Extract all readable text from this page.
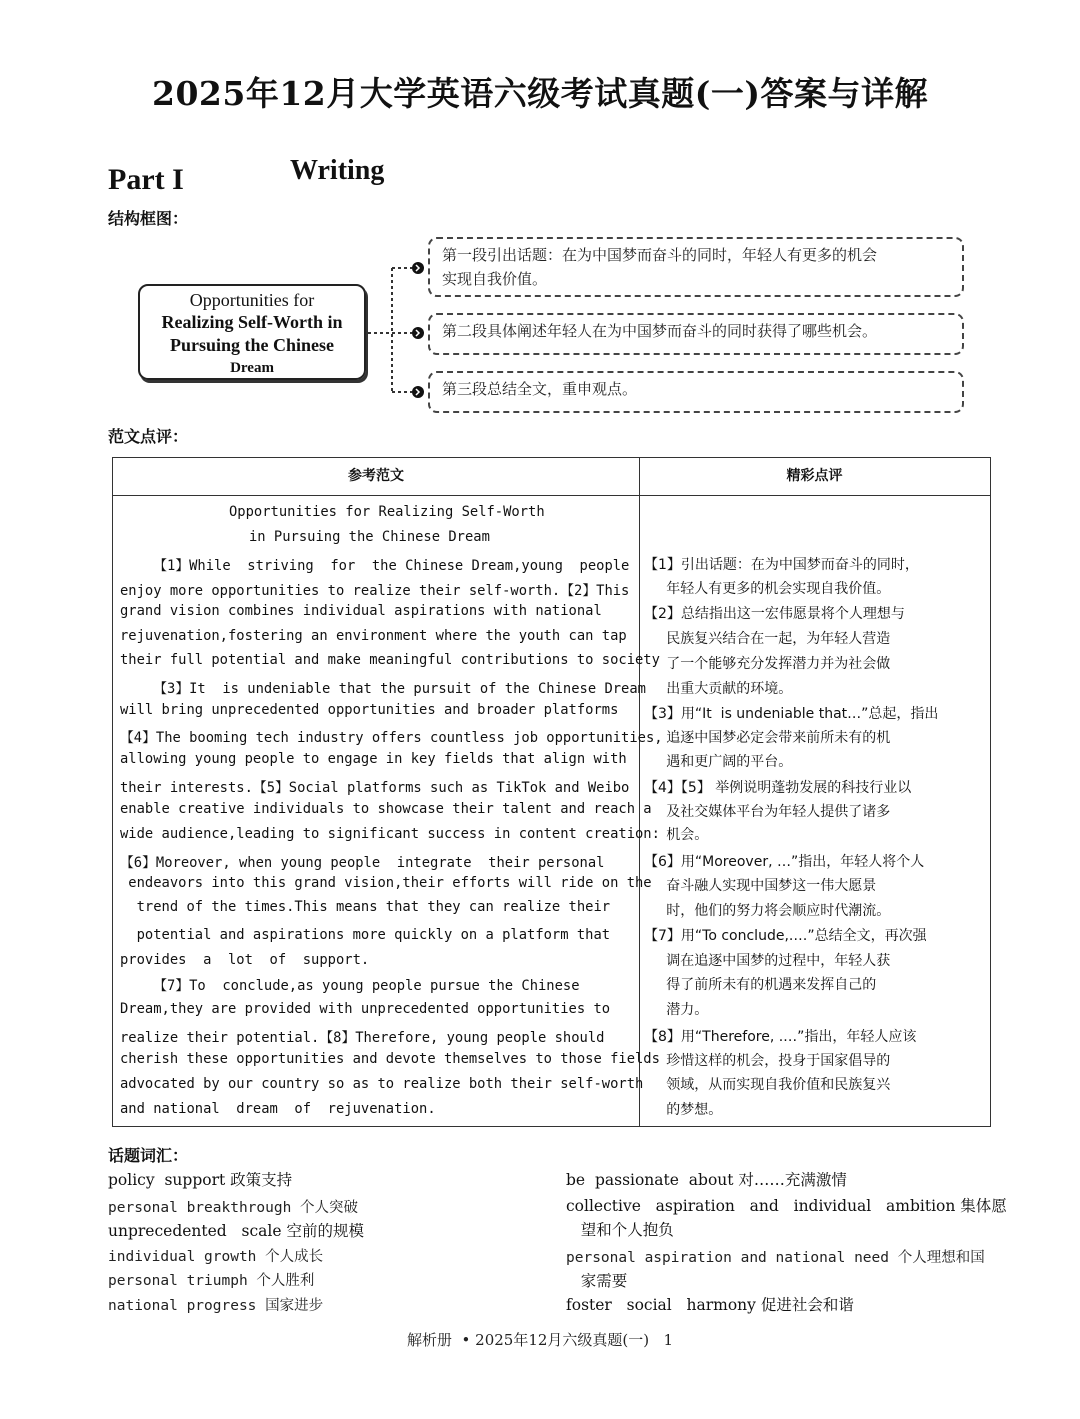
2025年12月大学英语六级考试真题(一)答案与详解
Part I	Writing
结构框图：
Opportunities for
Realizing Self-Worth in
Pursuing the Chinese
Dream
第一段引出话题：在为中国梦而奋斗的同时，年轻人有更多的机会
实现自我价值。
第二段具体阐述年轻人在为中国梦而奋斗的同时获得了哪些机会。
第三段总结全文，重申观点。
范文点评：
参考范文	精彩点评
Opportunities for Realizing Self-Worth
in Pursuing the Chinese Dream
【1】While  striving  for  the Chinese Dream,young  people
enjoy more opportunities to realize their self-worth.【2】This
grand vision combines individual aspirations with national
rejuvenation,fostering an environment where the youth can tap
their full potential and make meaningful contributions to society
【3】It  is undeniable that the pursuit of the Chinese Dream
will bring unprecedented opportunities and broader platforms
【4】The booming tech industry offers countless job opportunities,
allowing young people to engage in key fields that align with
their interests.【5】Social platforms such as TikTok and Weibo
enable creative individuals to showcase their talent and reach a
wide audience,leading to significant success in content creation:
【6】Moreover, when young people  integrate  their personal
endeavors into this grand vision,their efforts will ride on the
trend of the times.This means that they can realize their
potential and aspirations more quickly on a platform that
provides  a  lot  of  support.
【7】To  conclude,as young people pursue the Chinese
Dream,they are provided with unprecedented opportunities to
realize their potential.【8】Therefore, young people should
cherish these opportunities and devote themselves to those fields
advocated by our country so as to realize both their self-worth
and national  dream  of  rejuvenation.
【1】引出话题：在为中国梦而奋斗的同时，
年轻人有更多的机会实现自我价值。
【2】总结指出这一宏伟愿景将个人理想与
民族复兴结合在一起，为年轻人营造
了一个能够充分发挥潜力并为社会做
出重大贡献的环境。
【3】用“It  is undeniable that…”总起，指出
追逐中国梦必定会带来前所未有的机
遇和更广阔的平台。
【4】【5】 举例说明蓬勃发展的科技行业以
及社交媒体平台为年轻人提供了诸多
机会。
【6】用“Moreover, …”指出，年轻人将个人
奋斗融人实现中国梦这一伟大愿景
时，他们的努力将会顺应时代潮流。
【7】用“To conclude,.…”总结全文，再次强
调在追逐中国梦的过程中，年轻人获
得了前所未有的机遇来发挥自己的
潜力。
【8】用“Therefore, .…”指出，年轻人应该
珍惜这样的机会，投身于国家倡导的
领域，从而实现自我价值和民族复兴
的梦想。
话题词汇：
policy  support 政策支持
personal breakthrough 个人突破
unprecedented   scale 空前的规模
individual growth 个人成长
personal triumph 个人胜利
national progress 国家进步
be  passionate  about 对……充满激情
collective   aspiration   and   individual   ambition 集体愿
望和个人抱负
personal aspiration and national need 个人理想和国
家需要
foster   social   harmony 促进社会和谐
解析册  • 2025年12月六级真题(一)   1
